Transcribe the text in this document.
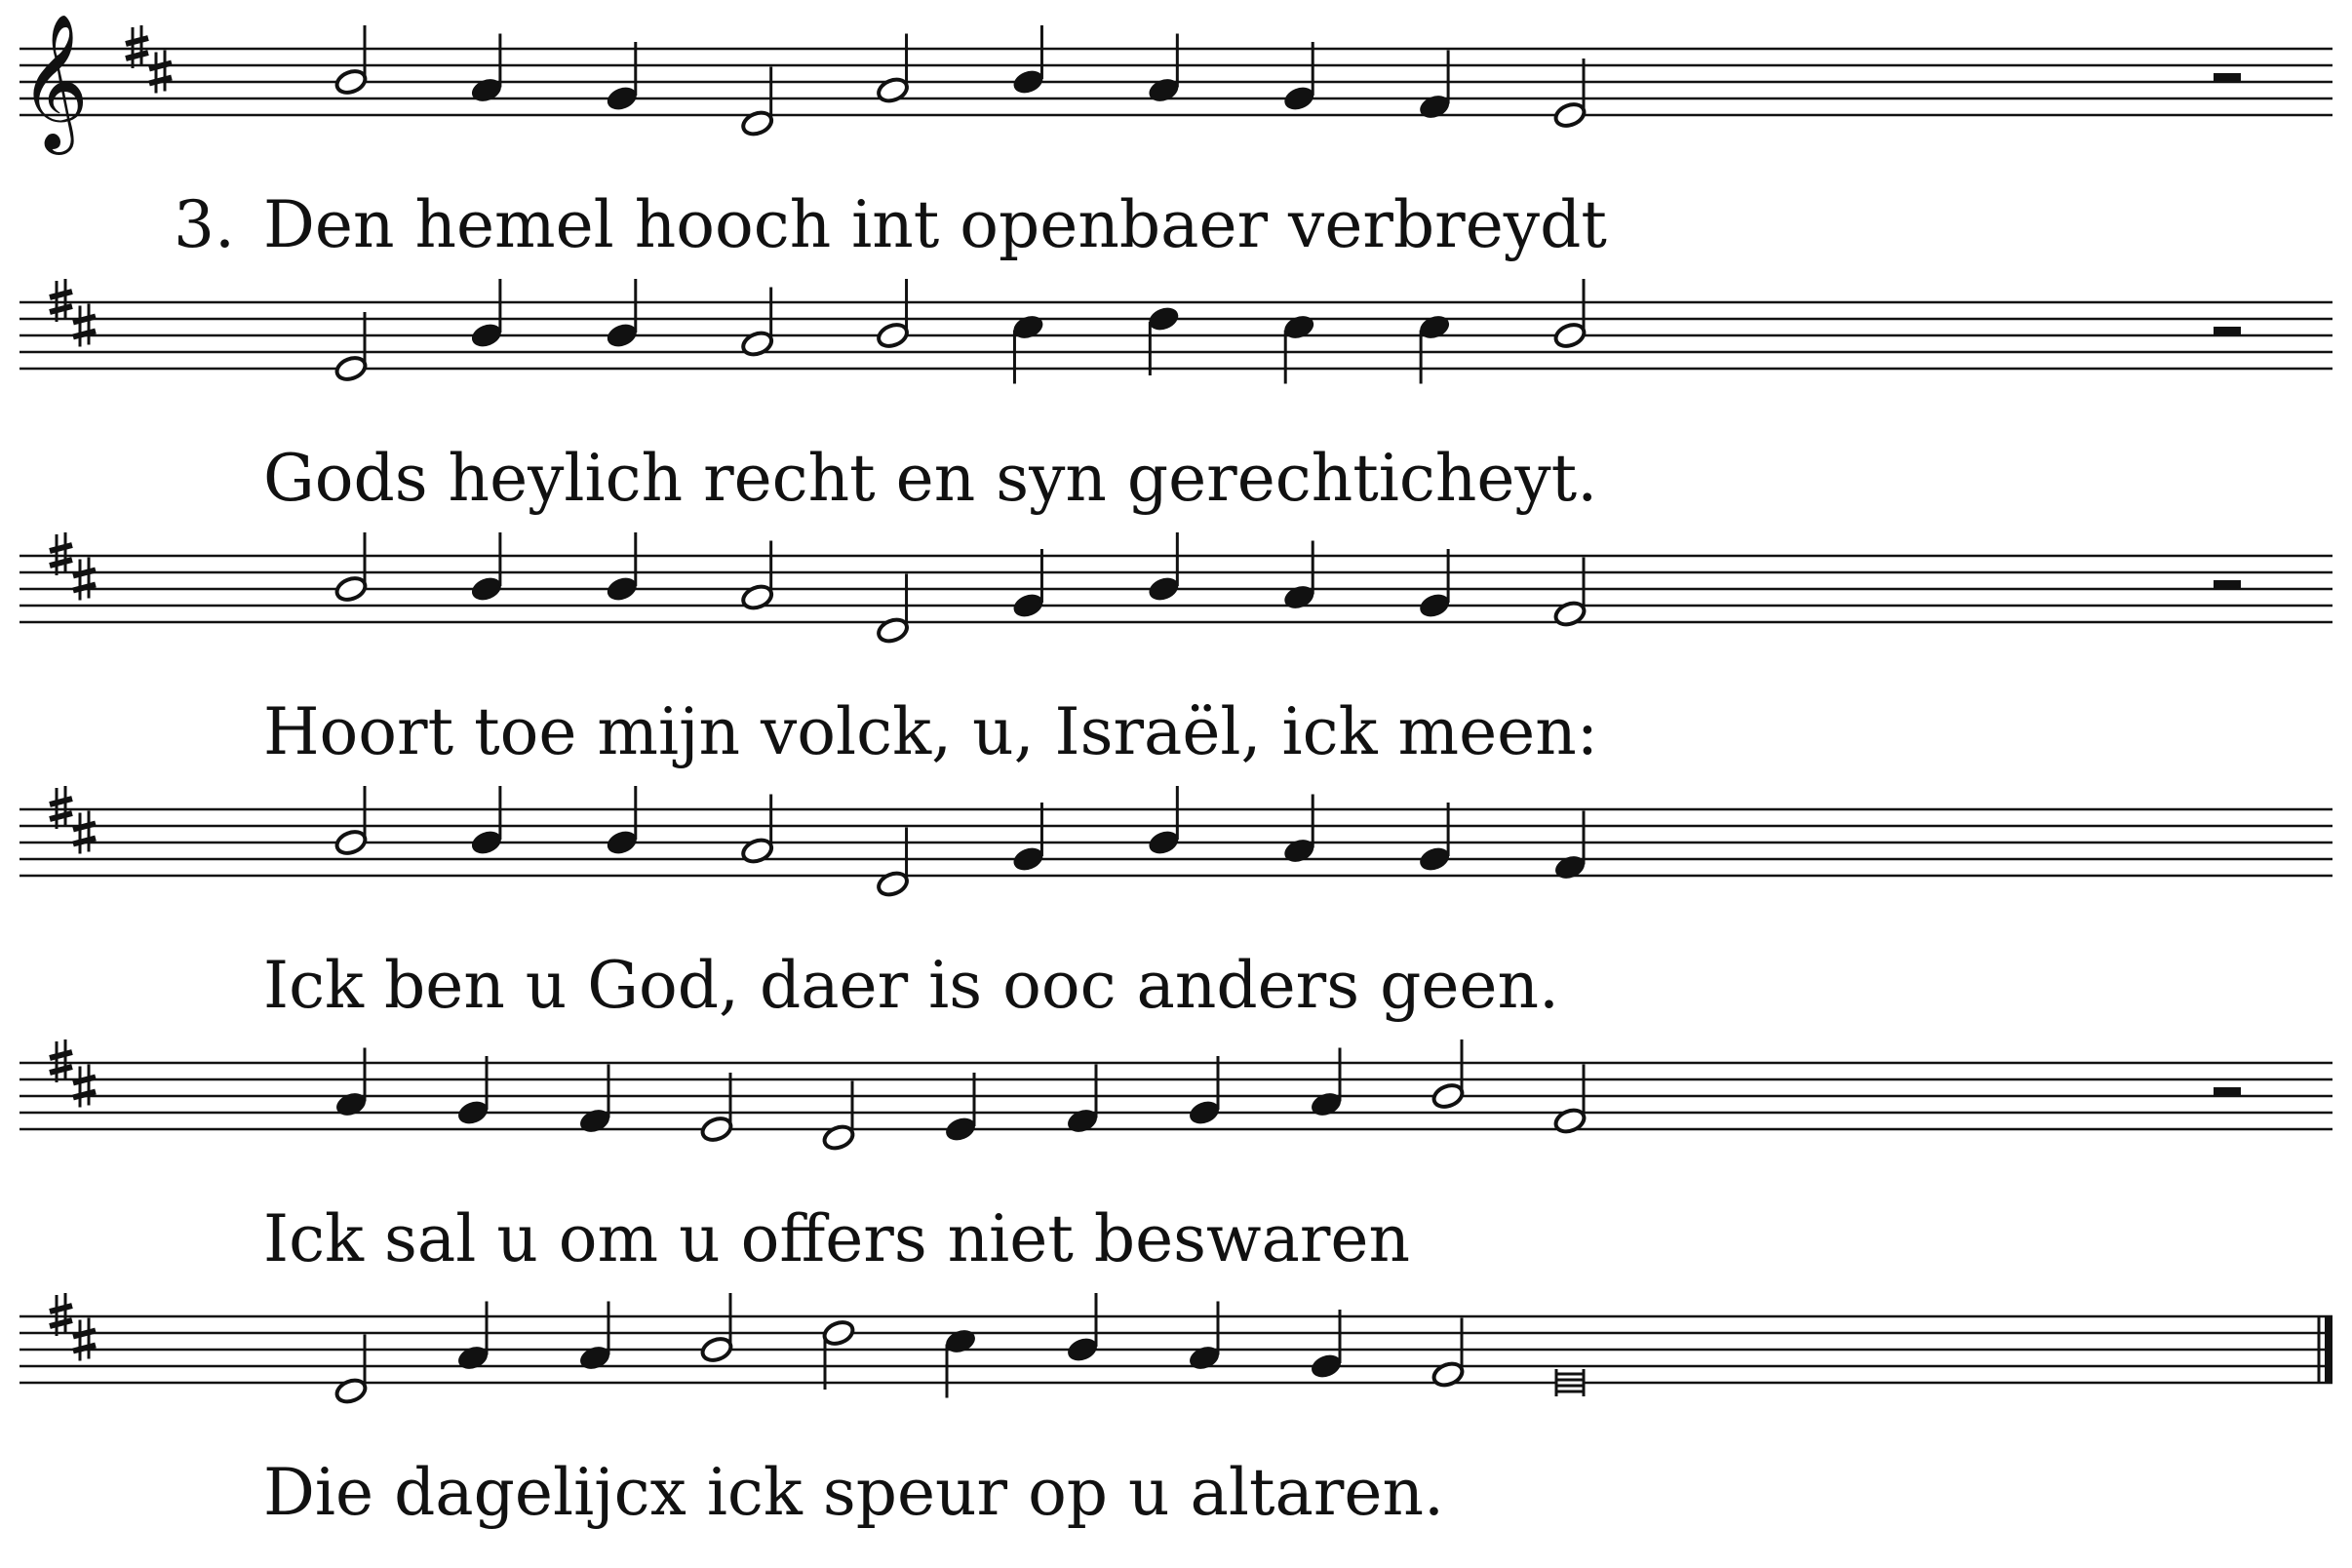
𝄞
3. Den hemel hooch int openbaer verbreydt
Gods heylich recht en syn gerechticheyt.
Hoort toe mijn volck, u, Israël, ick meen:
Ick ben u God, daer is ooc anders geen.
Ick sal u om u offers niet beswaren
Die dagelijcx ick speur op u altaren.
